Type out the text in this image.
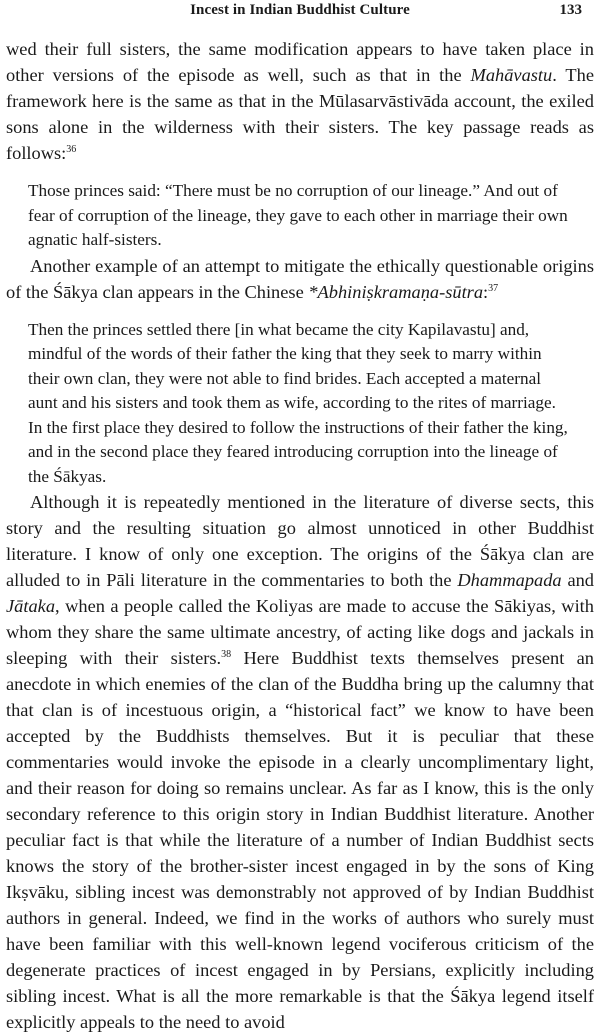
Incest in Indian Buddhist Culture	133

wed their full sisters, the same modification appears to have taken place in other versions of the episode as well, such as that in the Mahāvastu. The framework here is the same as that in the Mūlasarvāstivāda account, the exiled sons alone in the wilderness with their sisters. The key passage reads as follows:$^{36}$

Those princes said: “There must be no corruption of our lineage.” And out of fear of corruption of the lineage, they gave to each other in marriage their own agnatic half-sisters.

Another example of an attempt to mitigate the ethically questionable origins of the Śākya clan appears in the Chinese *Abhiniṣkramaṇa-sūtra:$^{37}$

Then the princes settled there [in what became the city Kapilavastu] and, mindful of the words of their father the king that they seek to marry within their own clan, they were not able to find brides. Each accepted a maternal aunt and his sisters and took them as wife, according to the rites of marriage. In the first place they desired to follow the instructions of their father the king, and in the second place they feared introducing corruption into the lineage of the Śākyas.

Although it is repeatedly mentioned in the literature of diverse sects, this story and the resulting situation go almost unnoticed in other Buddhist literature. I know of only one exception. The origins of the Śākya clan are alluded to in Pāli literature in the commentaries to both the Dhammapada and Jātaka, when a people called the Koliyas are made to accuse the Sākiyas, with whom they share the same ultimate ancestry, of acting like dogs and jackals in sleeping with their sisters.$^{38}$ Here Buddhist texts themselves present an anecdote in which enemies of the clan of the Buddha bring up the calumny that that clan is of incestuous origin, a “historical fact” we know to have been accepted by the Buddhists themselves. But it is peculiar that these commentaries would invoke the episode in a clearly uncomplimentary light, and their reason for doing so remains unclear. As far as I know, this is the only secondary reference to this origin story in Indian Buddhist literature. Another peculiar fact is that while the literature of a number of Indian Buddhist sects knows the story of the brother-sister incest engaged in by the sons of King Ikṣvāku, sibling incest was demonstrably not approved of by Indian Buddhist authors in general. Indeed, we find in the works of authors who surely must have been familiar with this well-known legend vociferous criticism of the degenerate practices of incest engaged in by Persians, explicitly including sibling incest. What is all the more remarkable is that the Śākya legend itself explicitly appeals to the need to avoid
